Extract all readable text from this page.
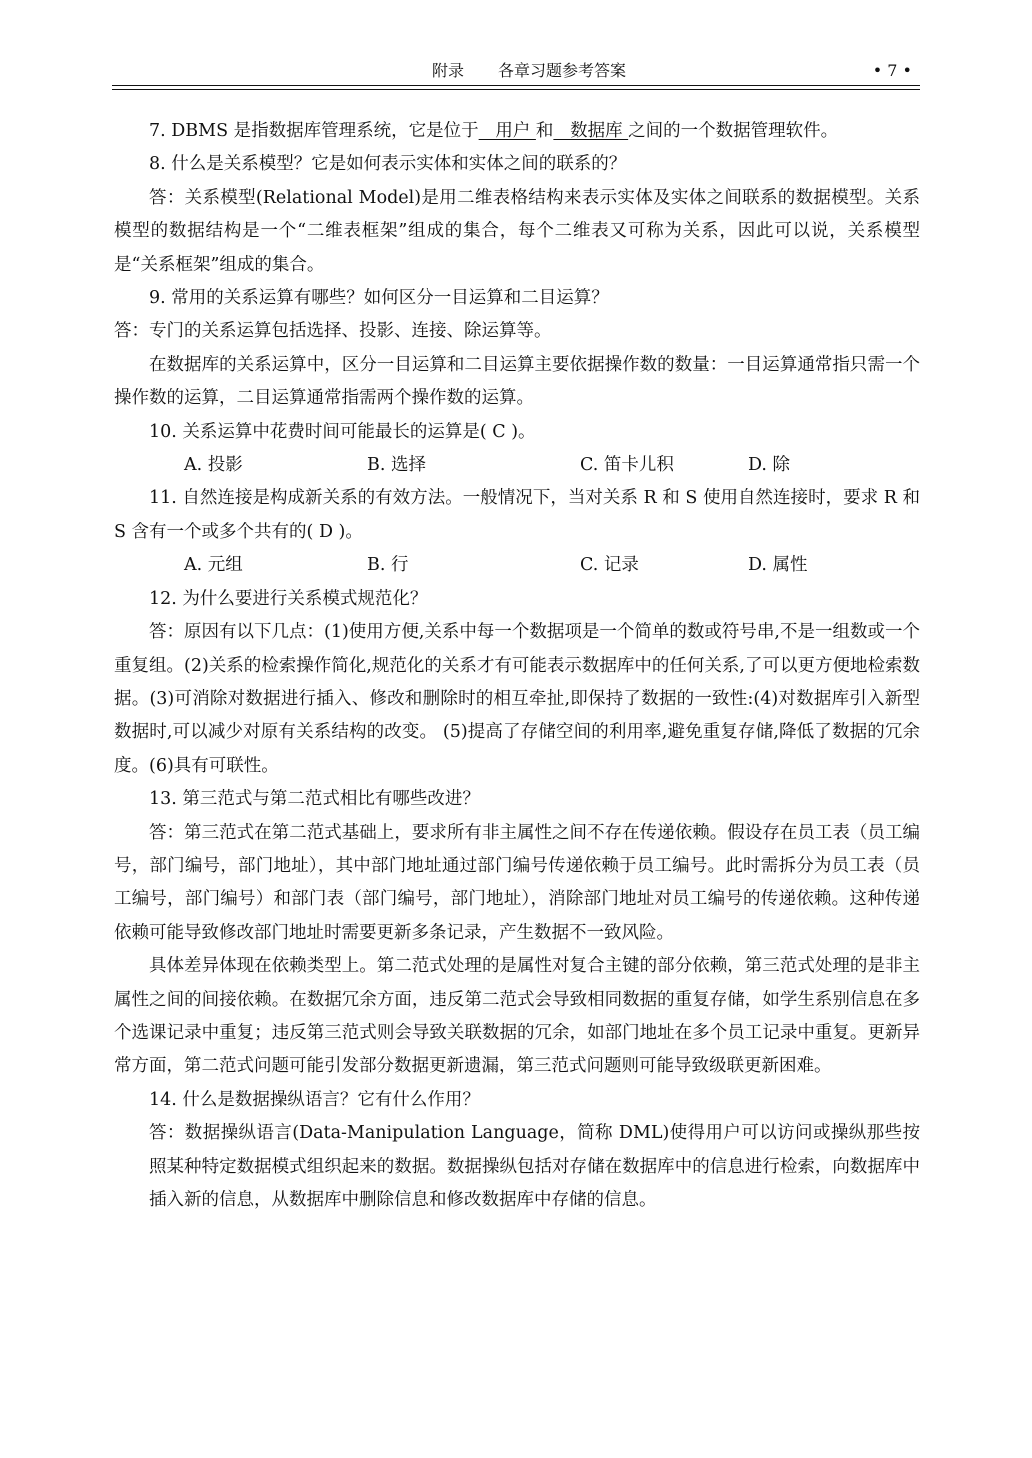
附录 各章习题参考答案	• 7 •

7. DBMS 是指数据库管理系统，它是位于   用户 和   数据库 之间的一个数据管理软件。

8. 什么是关系模型？它是如何表示实体和实体之间的联系的？

答：关系模型(Relational Model)是用二维表格结构来表示实体及实体之间联系的数据模型。关系模型的数据结构是一个“二维表框架”组成的集合，每个二维表又可称为关系，因此可以说，关系模型是“关系框架”组成的集合。

9. 常用的关系运算有哪些？如何区分一目运算和二目运算？

答：专门的关系运算包括选择、投影、连接、除运算等。

在数据库的关系运算中，区分一目运算和二目运算主要依据操作数的数量：一目运算通常指只需一个操作数的运算，二目运算通常指需两个操作数的运算。

10. 关系运算中花费时间可能最长的运算是( C )。

A. 投影	B. 选择	C. 笛卡儿积	D. 除

11. 自然连接是构成新关系的有效方法。一般情况下，当对关系 R 和 S 使用自然连接时，要求 R 和 S 含有一个或多个共有的( D )。

A. 元组	B. 行	C. 记录	D. 属性

12. 为什么要进行关系模式规范化？

答：原因有以下几点：(1)使用方便,关系中每一个数据项是一个简单的数或符号串,不是一组数或一个重复组。(2)关系的检索操作简化,规范化的关系才有可能表示数据库中的任何关系,了可以更方便地检索数据。(3)可消除对数据进行插入、修改和删除时的相互牵扯,即保持了数据的一致性:(4)对数据库引入新型数据时,可以减少对原有关系结构的改变。 (5)提高了存储空间的利用率,避免重复存储,降低了数据的冗余度。(6)具有可联性。

13. 第三范式与第二范式相比有哪些改进？

答：第三范式在第二范式基础上，要求所有非主属性之间不存在传递依赖。假设存在员工表（员工编号，部门编号，部门地址），其中部门地址通过部门编号传递依赖于员工编号。此时需拆分为员工表（员工编号，部门编号）和部门表（部门编号，部门地址），消除部门地址对员工编号的传递依赖。这种传递依赖可能导致修改部门地址时需要更新多条记录，产生数据不一致风险。

具体差异体现在依赖类型上。第二范式处理的是属性对复合主键的部分依赖，第三范式处理的是非主属性之间的间接依赖。在数据冗余方面，违反第二范式会导致相同数据的重复存储，如学生系别信息在多个选课记录中重复；违反第三范式则会导致关联数据的冗余，如部门地址在多个员工记录中重复。更新异常方面，第二范式问题可能引发部分数据更新遗漏，第三范式问题则可能导致级联更新困难。

14. 什么是数据操纵语言？它有什么作用？

答：数据操纵语言(Data-Manipulation Language，简称 DML)使得用户可以访问或操纵那些按照某种特定数据模式组织起来的数据。数据操纵包括对存储在数据库中的信息进行检索，向数据库中插入新的信息，从数据库中删除信息和修改数据库中存储的信息。
